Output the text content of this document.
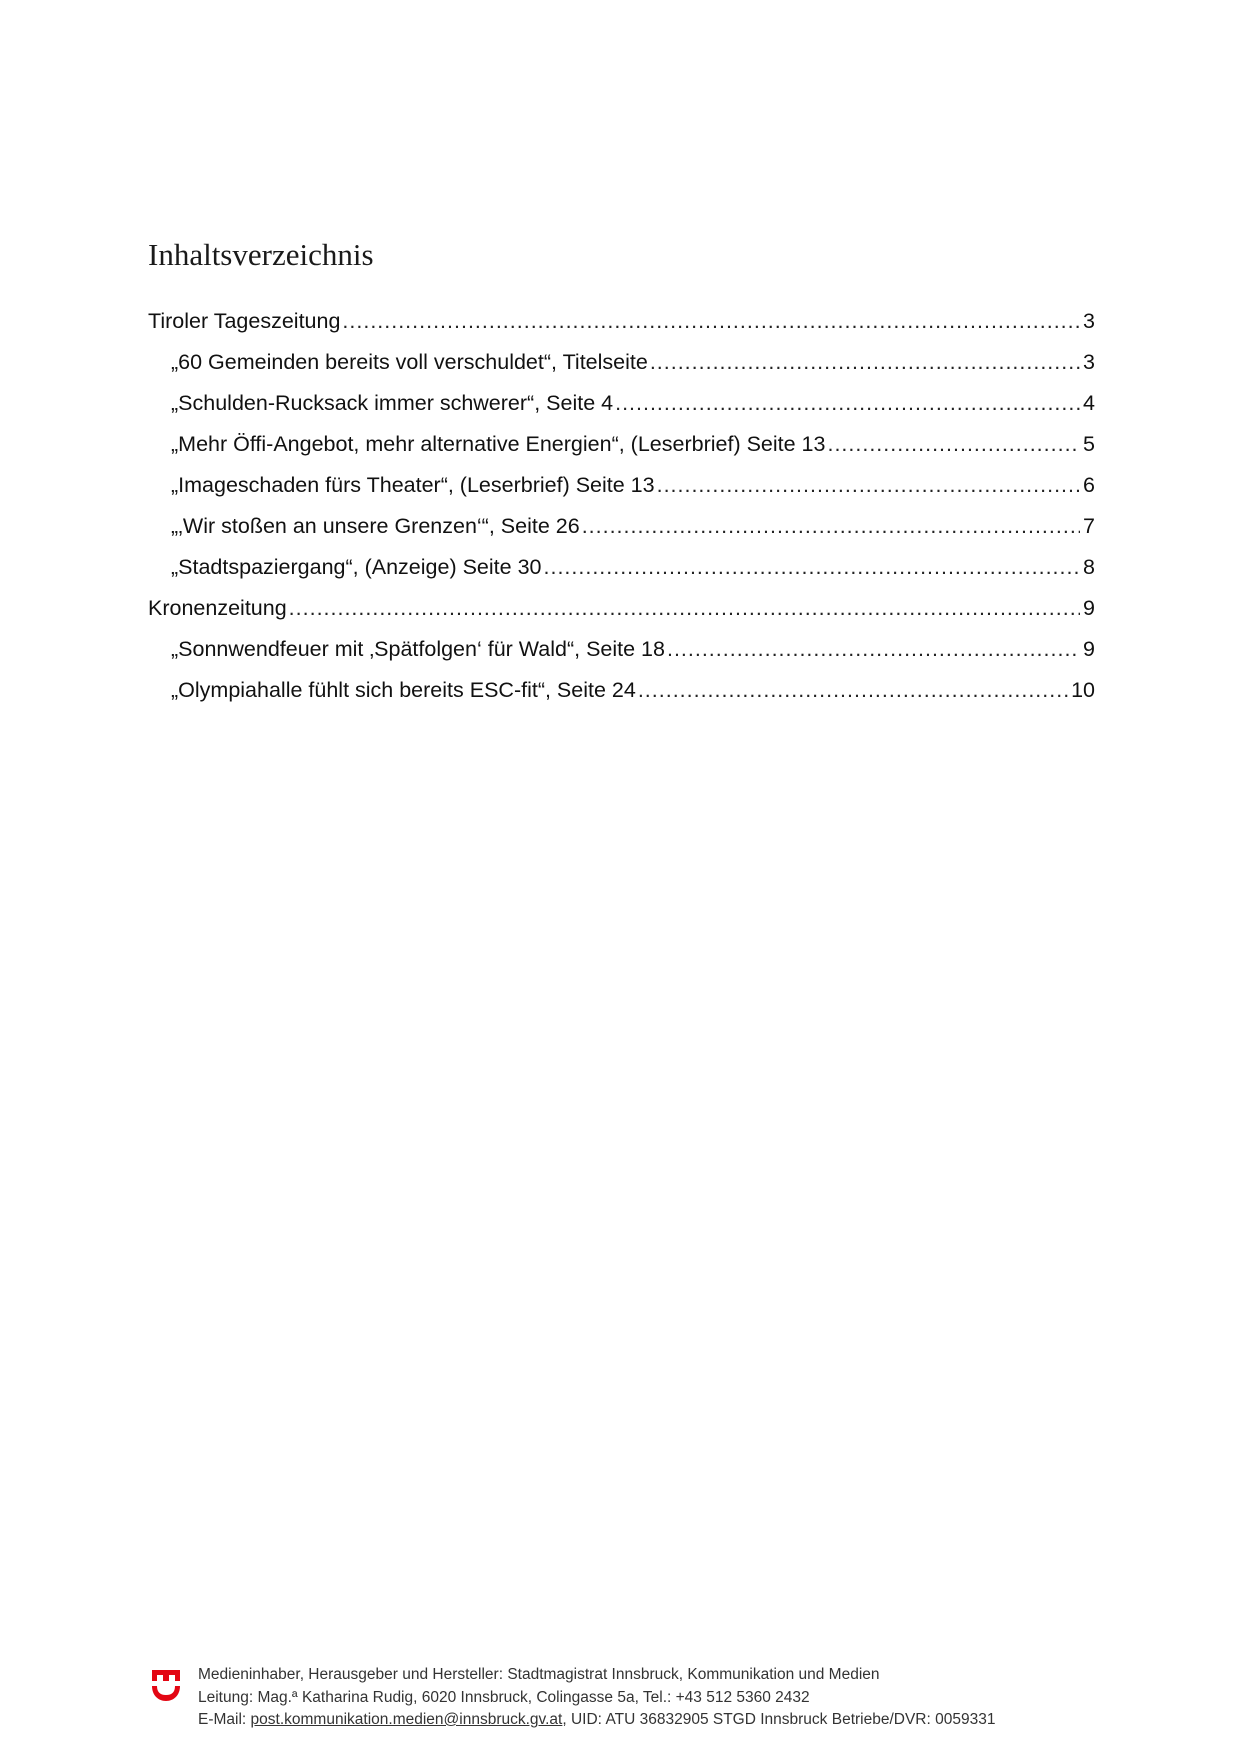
Inhaltsverzeichnis
Tiroler Tageszeitung .....	3
„60 Gemeinden bereits voll verschuldet“, Titelseite .....	3
„Schulden-Rucksack immer schwerer“, Seite 4 .....	4
„Mehr Öffi-Angebot, mehr alternative Energien“, (Leserbrief) Seite 13 .....	5
„Imageschaden fürs Theater“, (Leserbrief) Seite 13 .....	6
„‚Wir stoßen an unsere Grenzen‘“, Seite 26 .....	7
„Stadtspaziergang“, (Anzeige) Seite 30 .....	8
Kronenzeitung .....	9
„Sonnwendfeuer mit ‚Spätfolgen‘ für Wald“, Seite 18 .....	9
„Olympiahalle fühlt sich bereits ESC-fit“, Seite 24 .....	10
Medieninhaber, Herausgeber und Hersteller: Stadtmagistrat Innsbruck, Kommunikation und Medien
Leitung: Mag.ª Katharina Rudig, 6020 Innsbruck, Colingasse 5a, Tel.: +43 512 5360 2432
E-Mail: post.kommunikation.medien@innsbruck.gv.at, UID: ATU 36832905 STGD Innsbruck Betriebe/DVR: 0059331
